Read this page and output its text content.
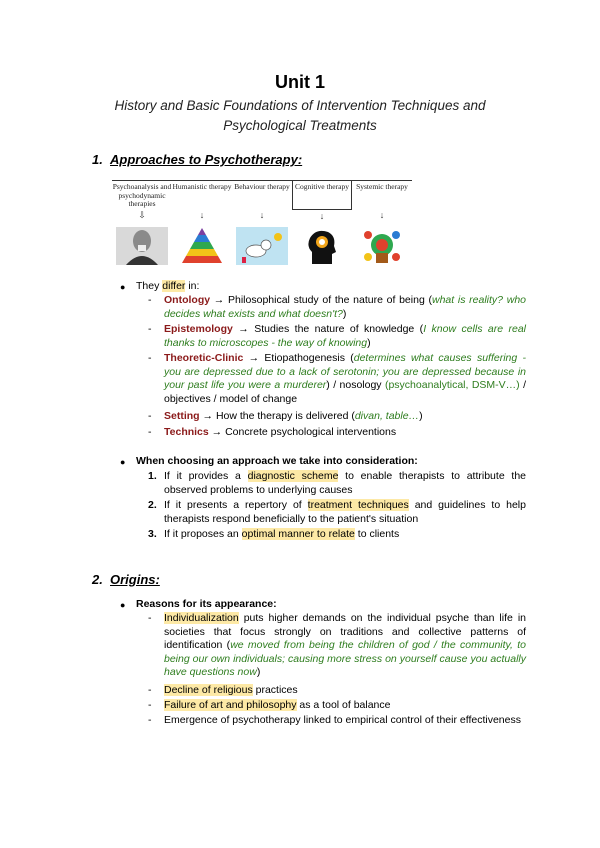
Unit 1
History and Basic Foundations of Intervention Techniques and Psychological Treatments
1. Approaches to Psychotherapy:
Psychoanalysis and psychodynamic therapies
⇩
Humanistic therapy
↓
Behaviour therapy
↓
Cognitive therapy
↓
Systemic therapy
↓
● They differ in:
- Ontology → Philosophical study of the nature of being (what is reality? who decides what exists and what doesn't?)
- Epistemology → Studies the nature of knowledge (I know cells are real thanks to microscopes - the way of knowing)
- Theoretic-Clinic → Etiopathogenesis (determines what causes suffering - you are depressed due to a lack of serotonin; you are depressed because in your past life you were a murderer) / nosology (psychoanalytical, DSM-V…) / objectives / model of change
- Setting → How the therapy is delivered (divan, table…)
- Technics → Concrete psychological interventions
● When choosing an approach we take into consideration:
1. If it provides a diagnostic scheme to enable therapists to attribute the observed problems to underlying causes
2. If it presents a repertory of treatment techniques and guidelines to help therapists respond beneficially to the patient's situation
3. If it proposes an optimal manner to relate to clients
2. Origins:
● Reasons for its appearance:
- Individualization puts higher demands on the individual psyche than life in societies that focus strongly on traditions and collective patterns of identification (we moved from being the children of god / the community, to being our own individuals; causing more stress on yourself cause you actually have questions now)
- Decline of religious practices
- Failure of art and philosophy as a tool of balance
- Emergence of psychotherapy linked to empirical control of their effectiveness
